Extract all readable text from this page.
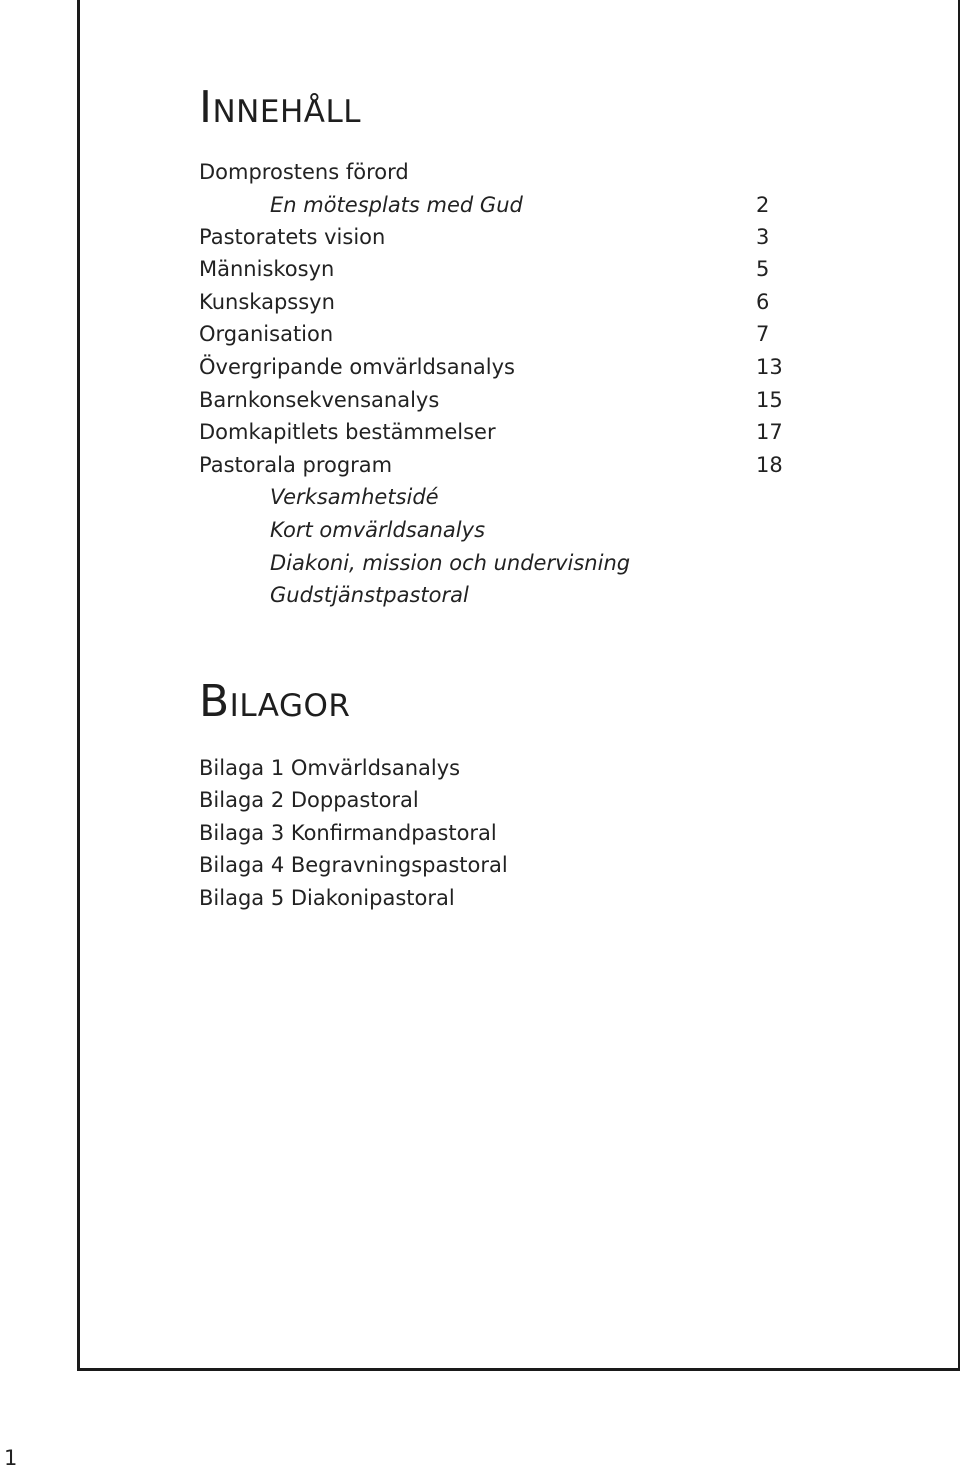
Innehåll
Domprostens förord
En mötesplats med Gud	2
Pastoratets vision	3
Människosyn	5
Kunskapssyn	6
Organisation	7
Övergripande omvärldsanalys	13
Barnkonsekvensanalys	15
Domkapitlets bestämmelser	17
Pastorala program	18
Verksamhetsidé
Kort omvärldsanalys
Diakoni, mission och undervisning
Gudstjänstpastoral
Bilagor
Bilaga 1 Omvärldsanalys
Bilaga 2 Doppastoral
Bilaga 3 Konfirmandpastoral
Bilaga 4 Begravningspastoral
Bilaga 5 Diakonipastoral
1
